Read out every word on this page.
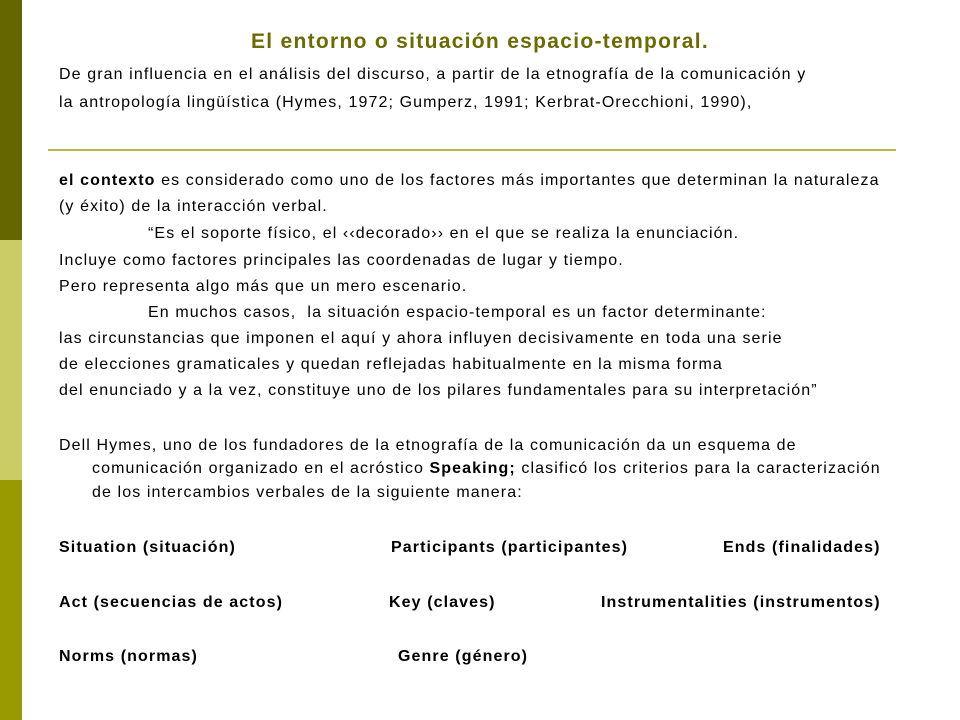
El entorno o situación espacio-temporal.
De gran influencia en el análisis del discurso, a partir de la etnografía de la comunicación y
la antropología lingüística (Hymes, 1972; Gumperz, 1991; Kerbrat-Orecchioni, 1990),
el contexto es considerado como uno de los factores más importantes que determinan la naturaleza
(y éxito) de la interacción verbal.
“Es el soporte físico, el ‹‹decorado›› en el que se realiza la enunciación.
Incluye como factores principales las coordenadas de lugar y tiempo.
Pero representa algo más que un mero escenario.
En muchos casos,  la situación espacio-temporal es un factor determinante:
las circunstancias que imponen el aquí y ahora influyen decisivamente en toda una serie
de elecciones gramaticales y quedan reflejadas habitualmente en la misma forma
del enunciado y a la vez, constituye uno de los pilares fundamentales para su interpretación”
Dell Hymes, uno de los fundadores de la etnografía de la comunicación da un esquema de
comunicación organizado en el acróstico Speaking; clasificó los criterios para la caracterización
de los intercambios verbales de la siguiente manera:
Situation (situación)	Participants (participantes)	Ends (finalidades)
Act (secuencias de actos)	Key (claves)	Instrumentalities (instrumentos)
Norms (normas)	Genre (género)
